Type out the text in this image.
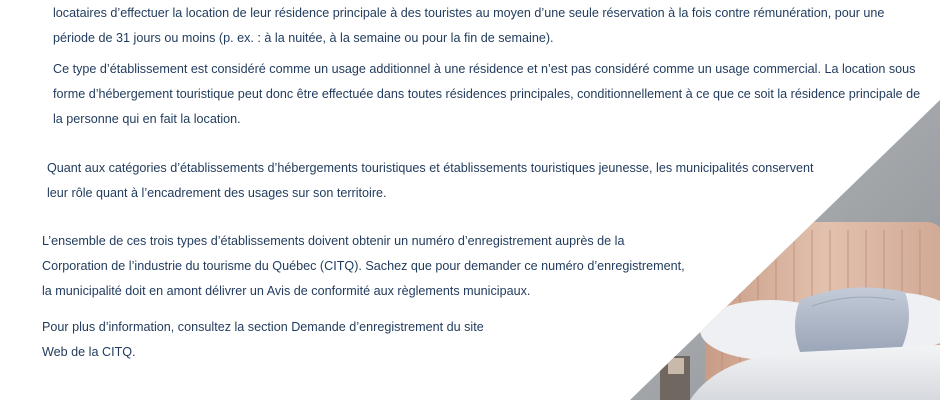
locataires d’effectuer la location de leur résidence principale à des touristes au moyen d’une seule réservation à la fois contre rémunération, pour une période de 31 jours ou moins (p. ex. : à la nuitée, à la semaine ou pour la fin de semaine).

Ce type d’établissement est considéré comme un usage additionnel à une résidence et n’est pas considéré comme un usage commercial. La location sous forme d’hébergement touristique peut donc être effectuée dans toutes résidences principales, conditionnellement à ce que ce soit la résidence principale de la personne qui en fait la location.

Quant aux catégories d’établissements d’hébergements touristiques et établissements touristiques jeunesse, les municipalités conservent leur rôle quant à l’encadrement des usages sur son territoire.

L’ensemble de ces trois types d’établissements doivent obtenir un numéro d’enregistrement auprès de la Corporation de l’industrie du tourisme du Québec (CITQ). Sachez que pour demander ce numéro d’enregistrement, la municipalité doit en amont délivrer un Avis de conformité aux règlements municipaux.

Pour plus d’information, consultez la section Demande d’enregistrement du site Web de la CITQ.
